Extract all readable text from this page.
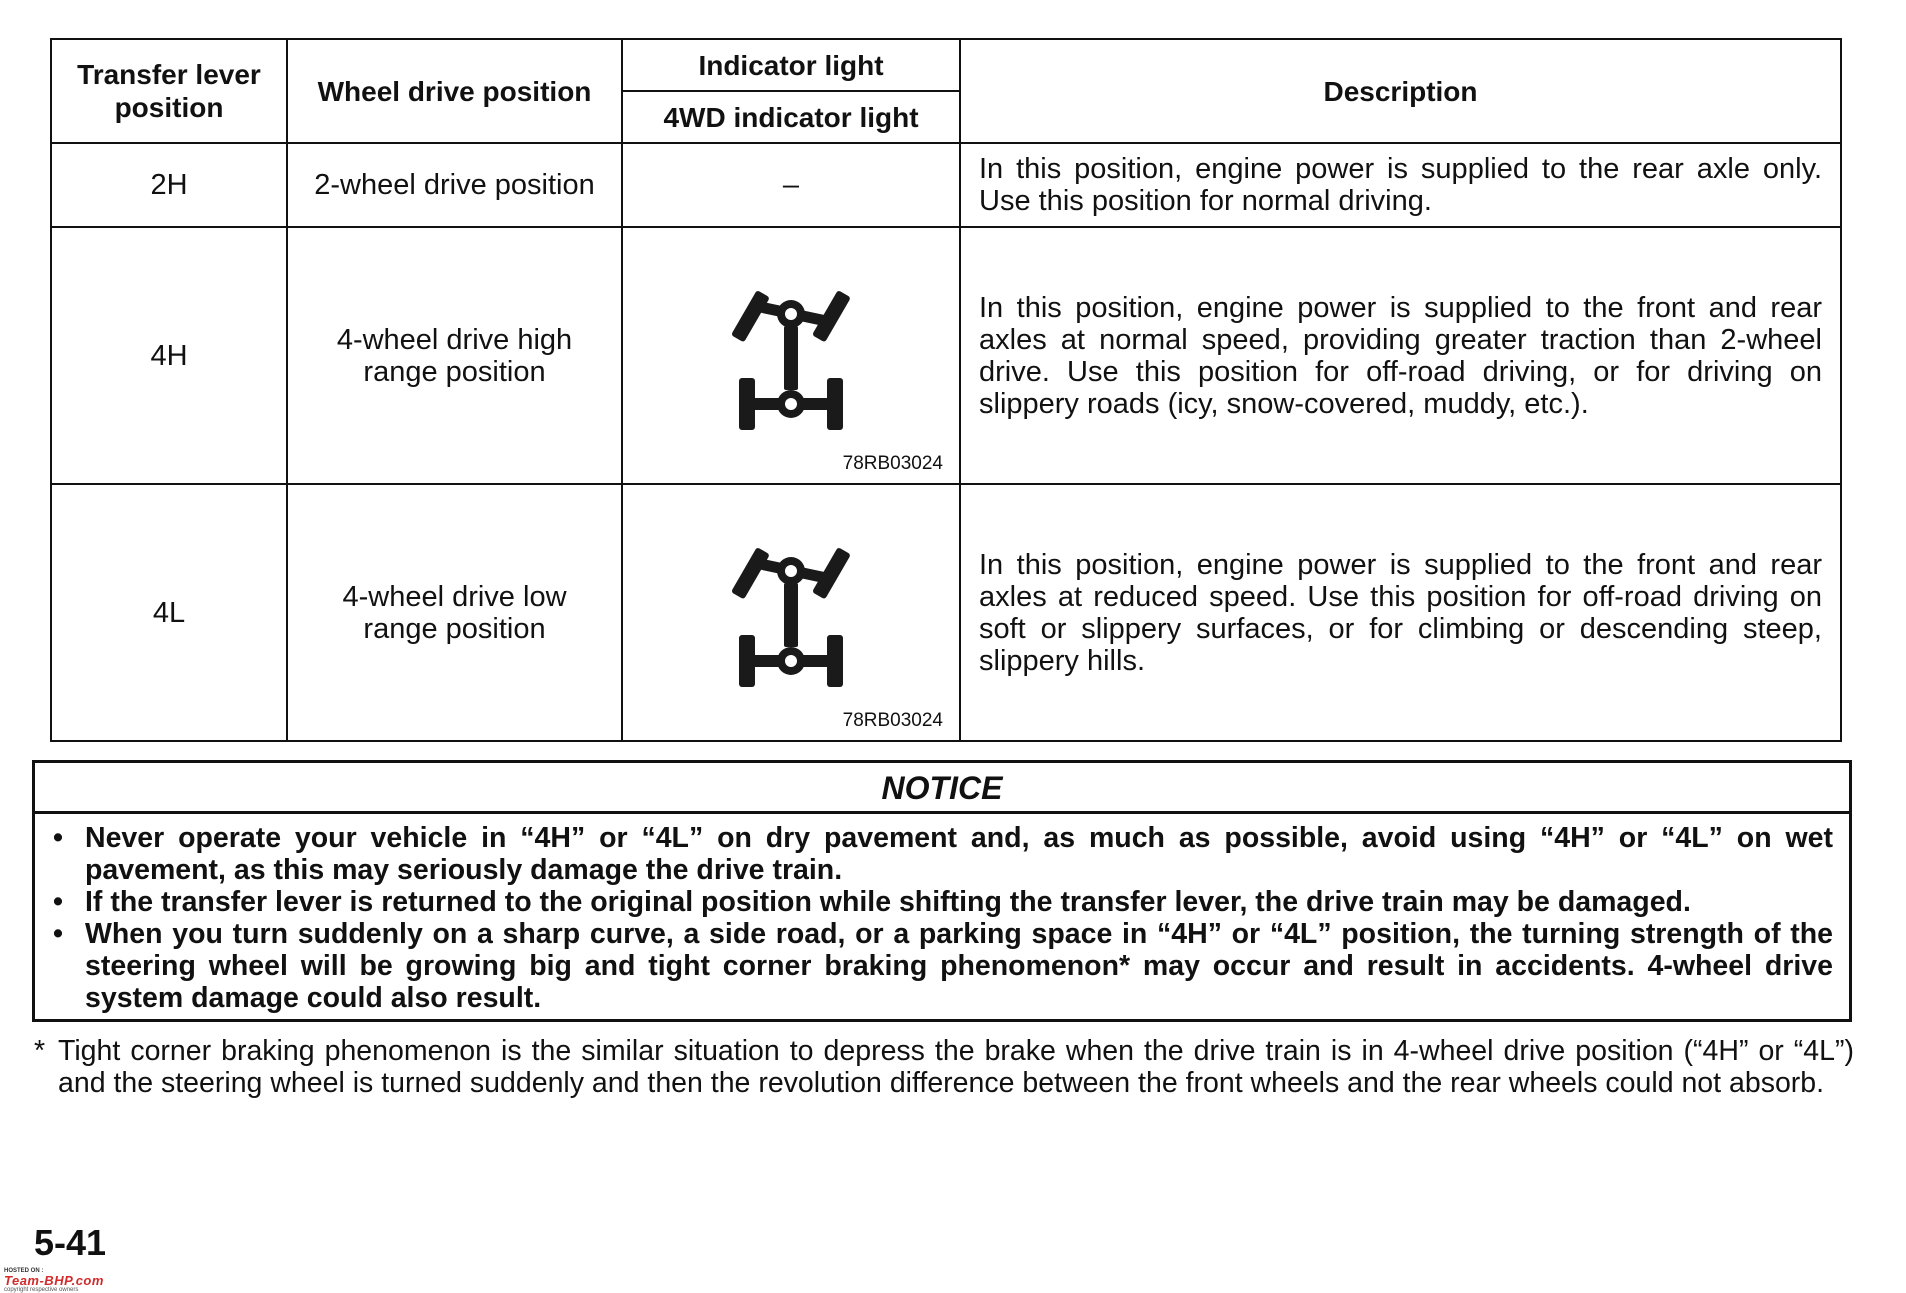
Transfer lever position	Wheel drive position	Indicator light	Description
		4WD indicator light	
2H	2-wheel drive position	–	In this position, engine power is supplied to the rear axle only. Use this position for normal driving.
4H	4-wheel drive high range position	78RB03024	In this position, engine power is supplied to the front and rear axles at normal speed, providing greater traction than 2-wheel drive. Use this position for off-road driving, or for driving on slippery roads (icy, snow-covered, muddy, etc.).
4L	4-wheel drive low range position	78RB03024	In this position, engine power is supplied to the front and rear axles at reduced speed. Use this position for off-road driving on soft or slippery surfaces, or for climbing or descending steep, slippery hills.
NOTICE
• Never operate your vehicle in “4H” or “4L” on dry pavement and, as much as possible, avoid using “4H” or “4L” on wet pavement, as this may seriously damage the drive train.
• If the transfer lever is returned to the original position while shifting the transfer lever, the drive train may be damaged.
• When you turn suddenly on a sharp curve, a side road, or a parking space in “4H” or “4L” position, the turning strength of the steering wheel will be growing big and tight corner braking phenomenon* may occur and result in accidents. 4-wheel drive system damage could also result.
* Tight corner braking phenomenon is the similar situation to depress the brake when the drive train is in 4-wheel drive position (“4H” or “4L”) and the steering wheel is turned suddenly and then the revolution difference between the front wheels and the rear wheels could not absorb.
5-41
HOSTED ON :
Team-BHP.com
copyright respective owners
